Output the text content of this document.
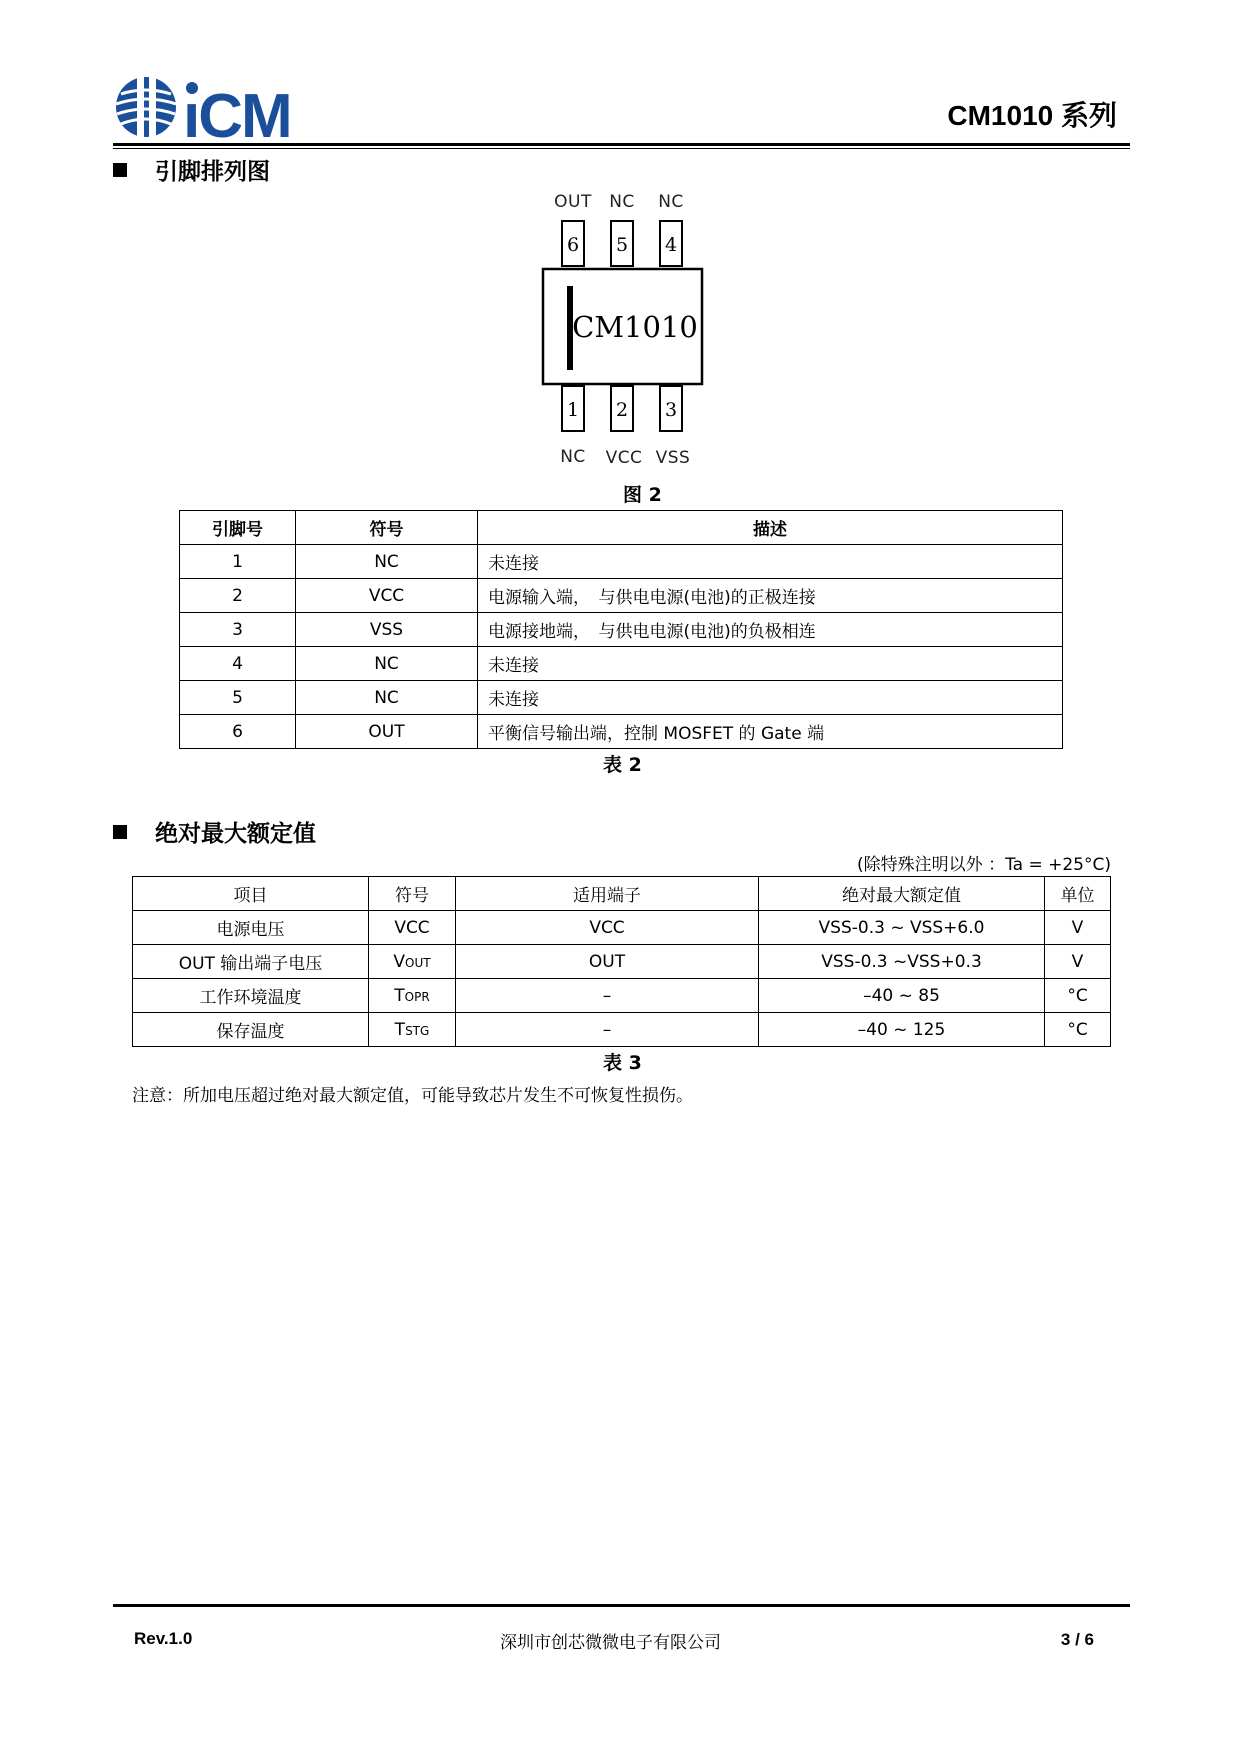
ıCM	CM1010 系列
引脚排列图
OUT NC NC
6 5 4
CM1010
1 2 3
NC VCC VSS
图 2
引脚号	符号	描述
1	NC	未连接
2	VCC	电源输入端，　与供电电源(电池)的正极连接
3	VSS	电源接地端，　与供电电源(电池)的负极相连
4	NC	未连接
5	NC	未连接
6	OUT	平衡信号输出端，控制 MOSFET 的 Gate 端
表 2
绝对最大额定值
(除特殊注明以外 ：Ta = +25°C)
项目	符号	适用端子	绝对最大额定值	单位
电源电压	VCC	VCC	VSS-0.3 ~ VSS+6.0	V
OUT 输出端子电压	VOUT	OUT	VSS-0.3 ~VSS+0.3	V
工作环境温度	TOPR	–	–40 ~ 85	°C
保存温度	TSTG	–	–40 ~ 125	°C
表 3
注意：所加电压超过绝对最大额定值，可能导致芯片发生不可恢复性损伤。
Rev.1.0	深圳市创芯微微电子有限公司	3 / 6
